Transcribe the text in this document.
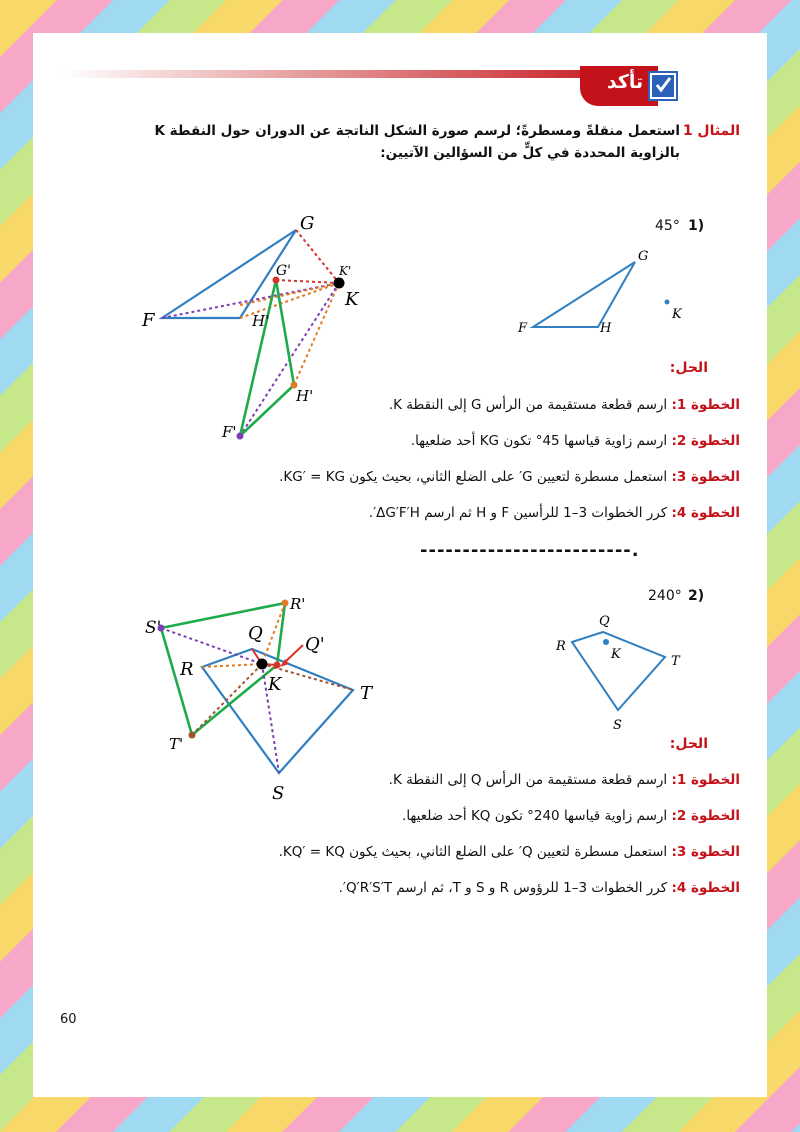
تأكد
المثال 1
استعمل منقلةً ومسطرةً؛ لرسم صورة الشكل الناتجة عن الدوران حول النقطة K بالزاوية المحددة في كلٍّ من السؤالين الآتيين:
1)
45°
G
K
F	H
G
G'	K'
K
F	H'
H'
F'
الحل:
الخطوة 1: ارسم قطعة مستقيمة من الرأس G إلى النقطة K.
الخطوة 2: ارسم زاوية قياسها 45° تكون KG أحد ضلعيها.
الخطوة 3: استعمل مسطرة لتعيين G′ على الضلع الثاني، بحيث يكون KG′ = KG.
الخطوة 4: كرر الخطوات 3–1 للرأسين F و H ثم ارسم ΔG′F′H′.
-------------------------.
2)
240°
Q
K
R
T
S
S'
R'
Q
Q'
R
K	T
T'
S
الحل:
الخطوة 1: ارسم قطعة مستقيمة من الرأس Q إلى النقطة K.
الخطوة 2: ارسم زاوية قياسها 240° تكون KQ أحد ضلعيها.
الخطوة 3: استعمل مسطرة لتعيين Q′ على الضلع الثاني، بحيث يكون KQ′ = KQ.
الخطوة 4: كرر الخطوات 3–1 للرؤوس R و S و T، ثم ارسم Q′R′S′T′.
60
